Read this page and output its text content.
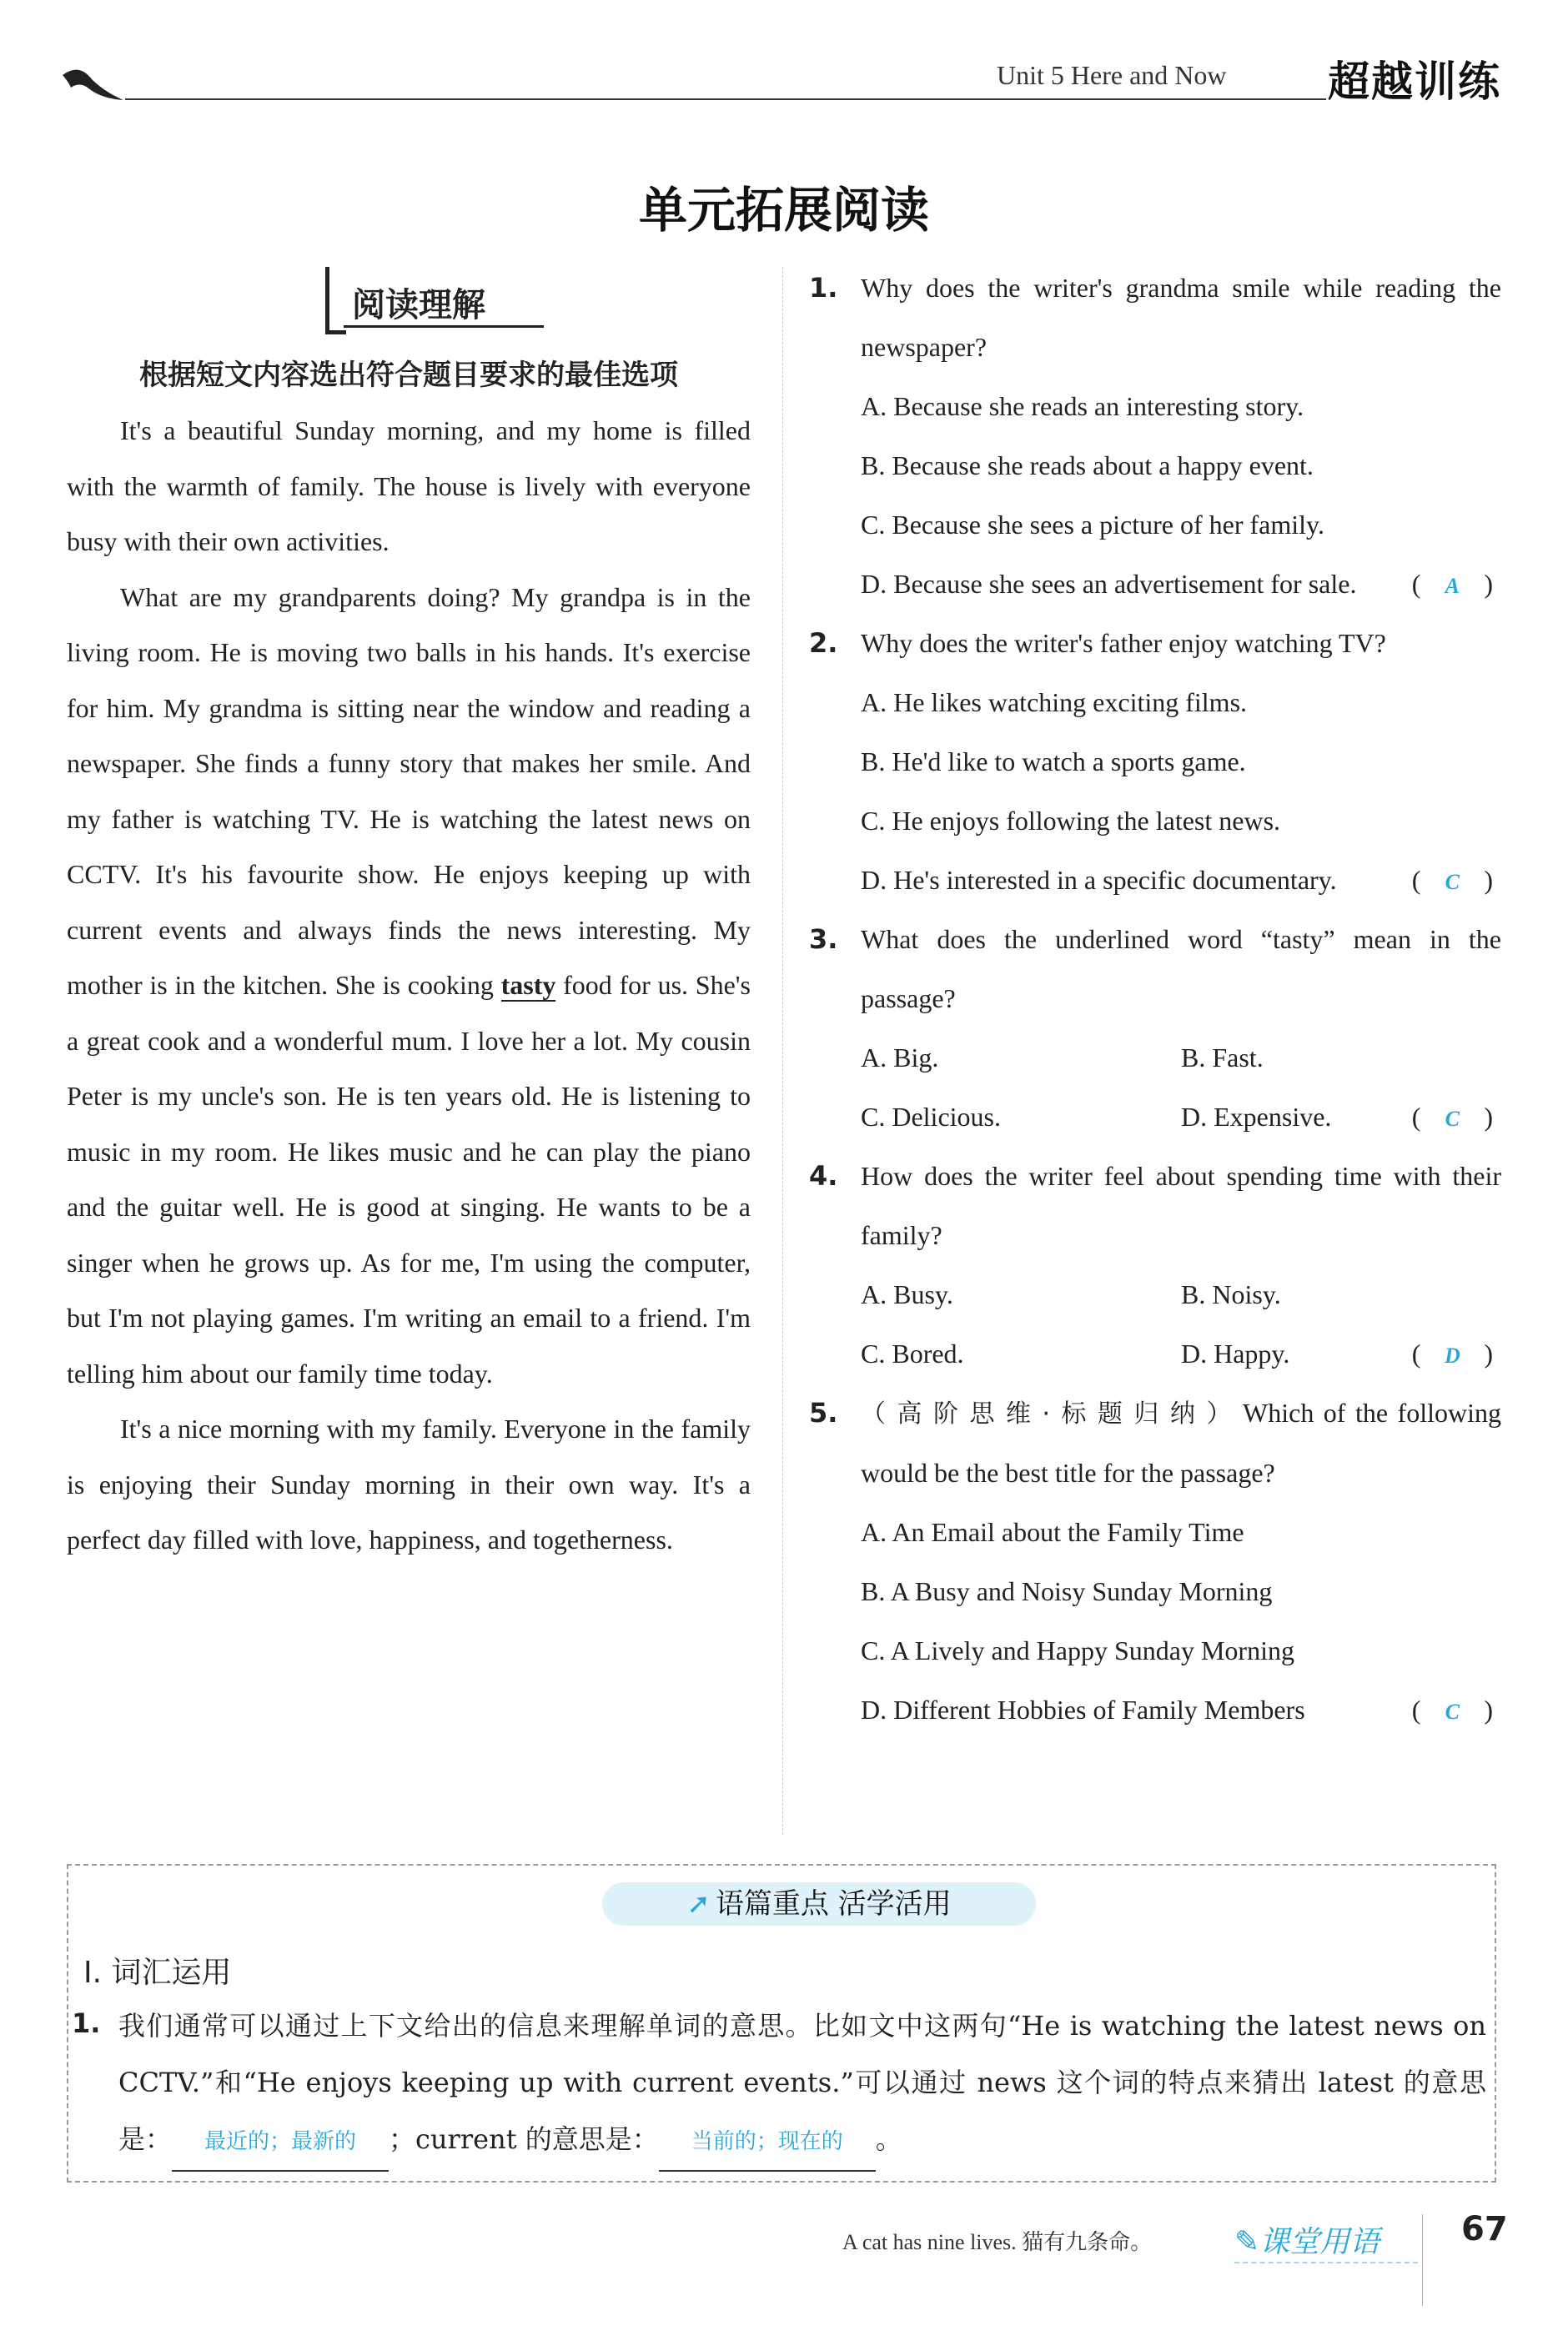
Unit 5 Here and Now 超越训练
单元拓展阅读
阅读理解
根据短文内容选出符合题目要求的最佳选项

It's a beautiful Sunday morning, and my home is filled with the warmth of family. The house is lively with everyone busy with their own activities.

What are my grandparents doing? My grandpa is in the living room. He is moving two balls in his hands. It's exercise for him. My grandma is sitting near the window and reading a newspaper. She finds a funny story that makes her smile. And my father is watching TV. He is watching the latest news on CCTV. It's his favourite show. He enjoys keeping up with current events and always finds the news interesting. My mother is in the kitchen. She is cooking tasty food for us. She's a great cook and a wonderful mum. I love her a lot. My cousin Peter is my uncle's son. He is ten years old. He is listening to music in my room. He likes music and he can play the piano and the guitar well. He is good at singing. He wants to be a singer when he grows up. As for me, I'm using the computer, but I'm not playing games. I'm writing an email to a friend. I'm telling him about our family time today.

It's a nice morning with my family. Everyone in the family is enjoying their Sunday morning in their own way. It's a perfect day filled with love, happiness, and togetherness.

1. Why does the writer's grandma smile while reading the newspaper?
( A )
A. Because she reads an interesting story.
B. Because she reads about a happy event.
C. Because she sees a picture of her family.
D. Because she sees an advertisement for sale.
2. Why does the writer's father enjoy watching TV?
( C )
A. He likes watching exciting films.
B. He'd like to watch a sports game.
C. He enjoys following the latest news.
D. He's interested in a specific documentary.
3. What does the underlined word “tasty” mean in the passage?
( C )
A. Big.	B. Fast.
C. Delicious.	D. Expensive.
4. How does the writer feel about spending time with their family?
( D )
A. Busy.	B. Noisy.
C. Bored.	D. Happy.
5. （高阶思维·标题归纳）Which of the following would be the best title for the passage?
( C )
A. An Email about the Family Time
B. A Busy and Noisy Sunday Morning
C. A Lively and Happy Sunday Morning
D. Different Hobbies of Family Members
➚ 语篇重点 活学活用
Ⅰ. 词汇运用
1. 我们通常可以通过上下文给出的信息来理解单词的意思。比如文中这两句“He is watching the latest news on CCTV.”和“He enjoys keeping up with current events.”可以通过 news 这个词的特点来猜出 latest 的意思是： 最近的；最新的 ；current 的意思是： 当前的；现在的 。
A cat has nine lives. 猫有九条命。	✎课堂用语 67
